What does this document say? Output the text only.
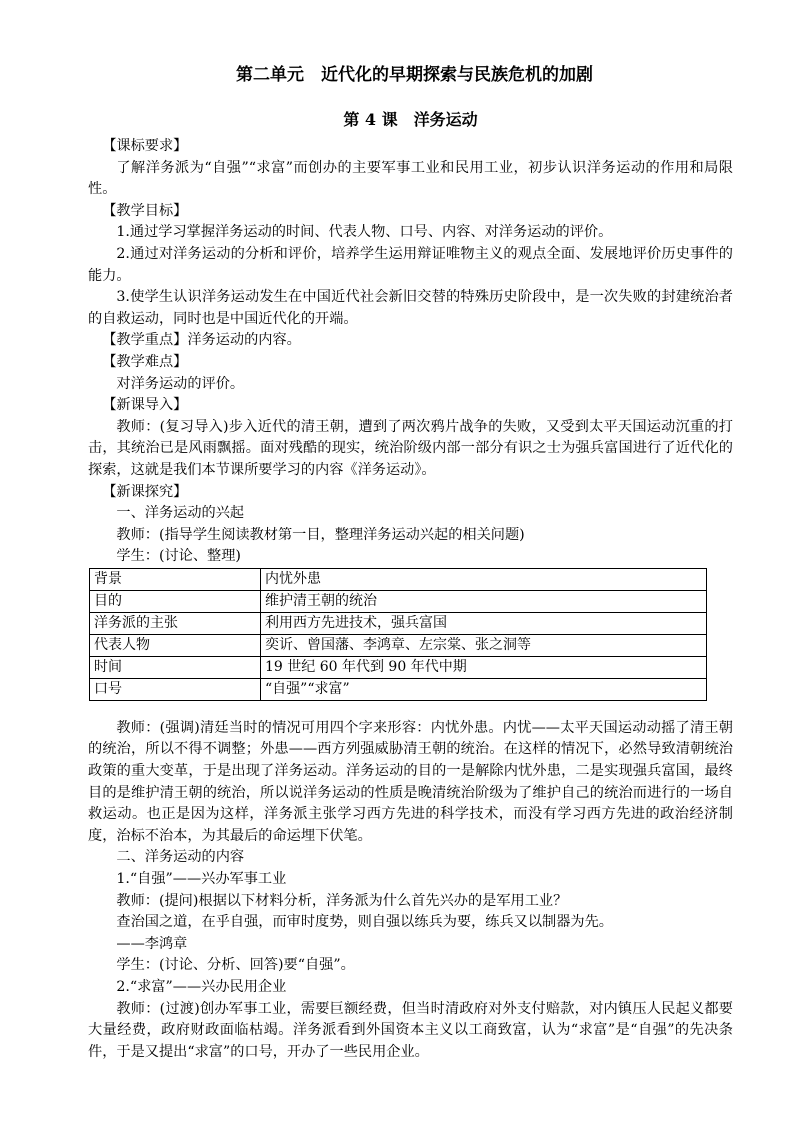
第二单元　近代化的早期探索与民族危机的加剧
第 4 课　洋务运动

【课标要求】

了解洋务派为“自强”“求富”而创办的主要军事工业和民用工业，初步认识洋务运动的作用和局限性。

【教学目标】

1.通过学习掌握洋务运动的时间、代表人物、口号、内容、对洋务运动的评价。

2.通过对洋务运动的分析和评价，培养学生运用辩证唯物主义的观点全面、发展地评价历史事件的能力。

3.使学生认识洋务运动发生在中国近代社会新旧交替的特殊历史阶段中，是一次失败的封建统治者的自救运动，同时也是中国近代化的开端。

【教学重点】洋务运动的内容。

【教学难点】

对洋务运动的评价。

【新课导入】

教师：(复习导入)步入近代的清王朝，遭到了两次鸦片战争的失败，又受到太平天国运动沉重的打击，其统治已是风雨飘摇。面对残酷的现实，统治阶级内部一部分有识之士为强兵富国进行了近代化的探索，这就是我们本节课所要学习的内容《洋务运动》。

【新课探究】

一、洋务运动的兴起

教师：(指导学生阅读教材第一目，整理洋务运动兴起的相关问题)

学生：(讨论、整理)

背景	内忧外患
目的	维护清王朝的统治
洋务派的主张	利用西方先进技术，强兵富国
代表人物	奕䜣、曾国藩、李鸿章、左宗棠、张之洞等
时间	19 世纪 60 年代到 90 年代中期
口号	“自强”“求富”

教师：(强调)清廷当时的情况可用四个字来形容：内忧外患。内忧——太平天国运动动摇了清王朝的统治，所以不得不调整；外患——西方列强威胁清王朝的统治。在这样的情况下，必然导致清朝统治政策的重大变革，于是出现了洋务运动。洋务运动的目的一是解除内忧外患，二是实现强兵富国，最终目的是维护清王朝的统治，所以说洋务运动的性质是晚清统治阶级为了维护自己的统治而进行的一场自救运动。也正是因为这样，洋务派主张学习西方先进的科学技术，而没有学习西方先进的政治经济制度，治标不治本，为其最后的命运埋下伏笔。

二、洋务运动的内容

1.“自强”——兴办军事工业

教师：(提问)根据以下材料分析，洋务派为什么首先兴办的是军用工业？

查治国之道，在乎自强，而审时度势，则自强以练兵为要，练兵又以制器为先。

——李鸿章

学生：(讨论、分析、回答)要“自强”。

2.“求富”——兴办民用企业

教师：(过渡)创办军事工业，需要巨额经费，但当时清政府对外支付赔款，对内镇压人民起义都要大量经费，政府财政面临枯竭。洋务派看到外国资本主义以工商致富，认为“求富”是“自强”的先决条件，于是又提出“求富”的口号，开办了一些民用企业。
